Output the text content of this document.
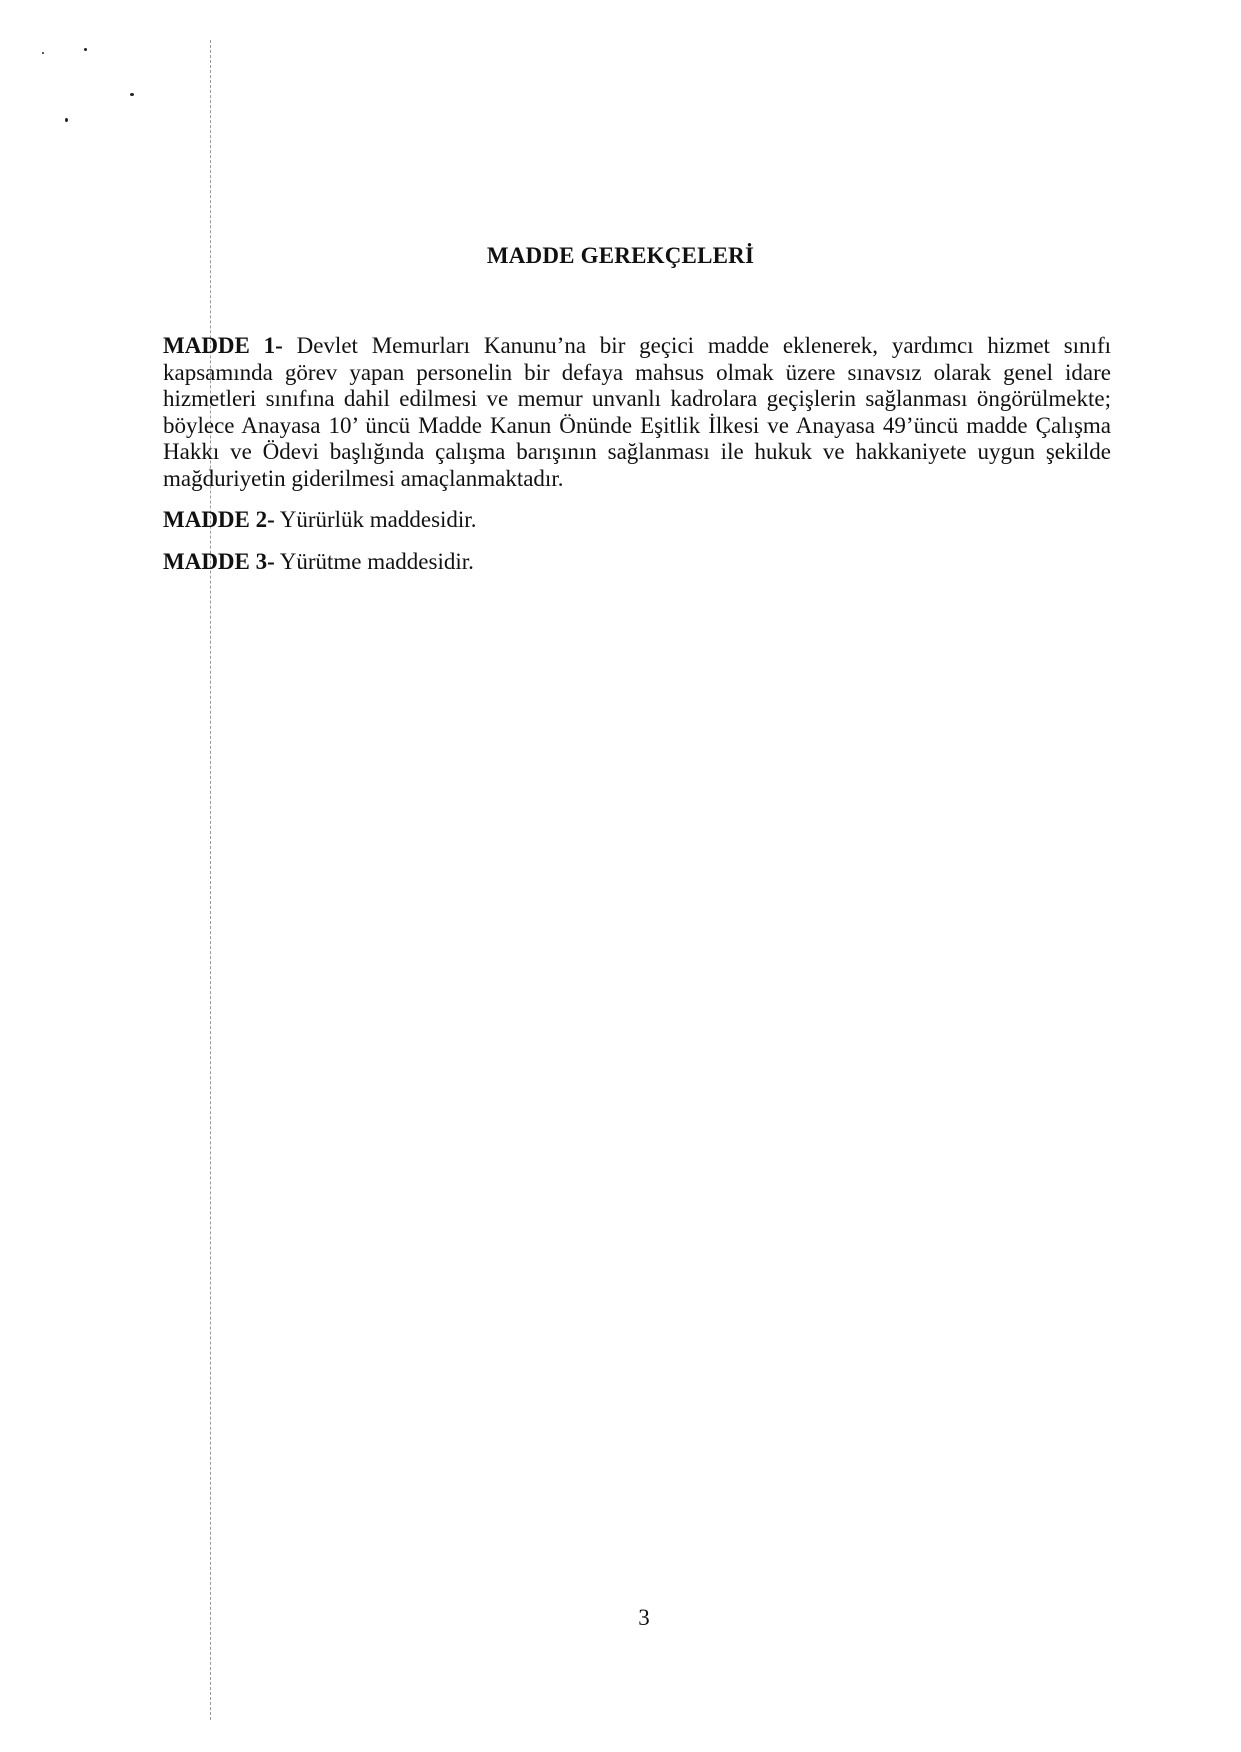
MADDE GEREKÇELERİ

MADDE 1- Devlet Memurları Kanunu’na bir geçici madde eklenerek, yardımcı hizmet sınıfı kapsamında görev yapan personelin bir defaya mahsus olmak üzere sınavsız olarak genel idare hizmetleri sınıfına dahil edilmesi ve memur unvanlı kadrolara geçişlerin sağlanması öngörülmekte; böylece Anayasa 10’ üncü Madde Kanun Önünde Eşitlik İlkesi ve Anayasa 49’üncü madde Çalışma Hakkı ve Ödevi başlığında çalışma barışının sağlanması ile hukuk ve hakkaniyete uygun şekilde mağduriyetin giderilmesi amaçlanmaktadır.

MADDE 2- Yürürlük maddesidir.

MADDE 3- Yürütme maddesidir.

3
